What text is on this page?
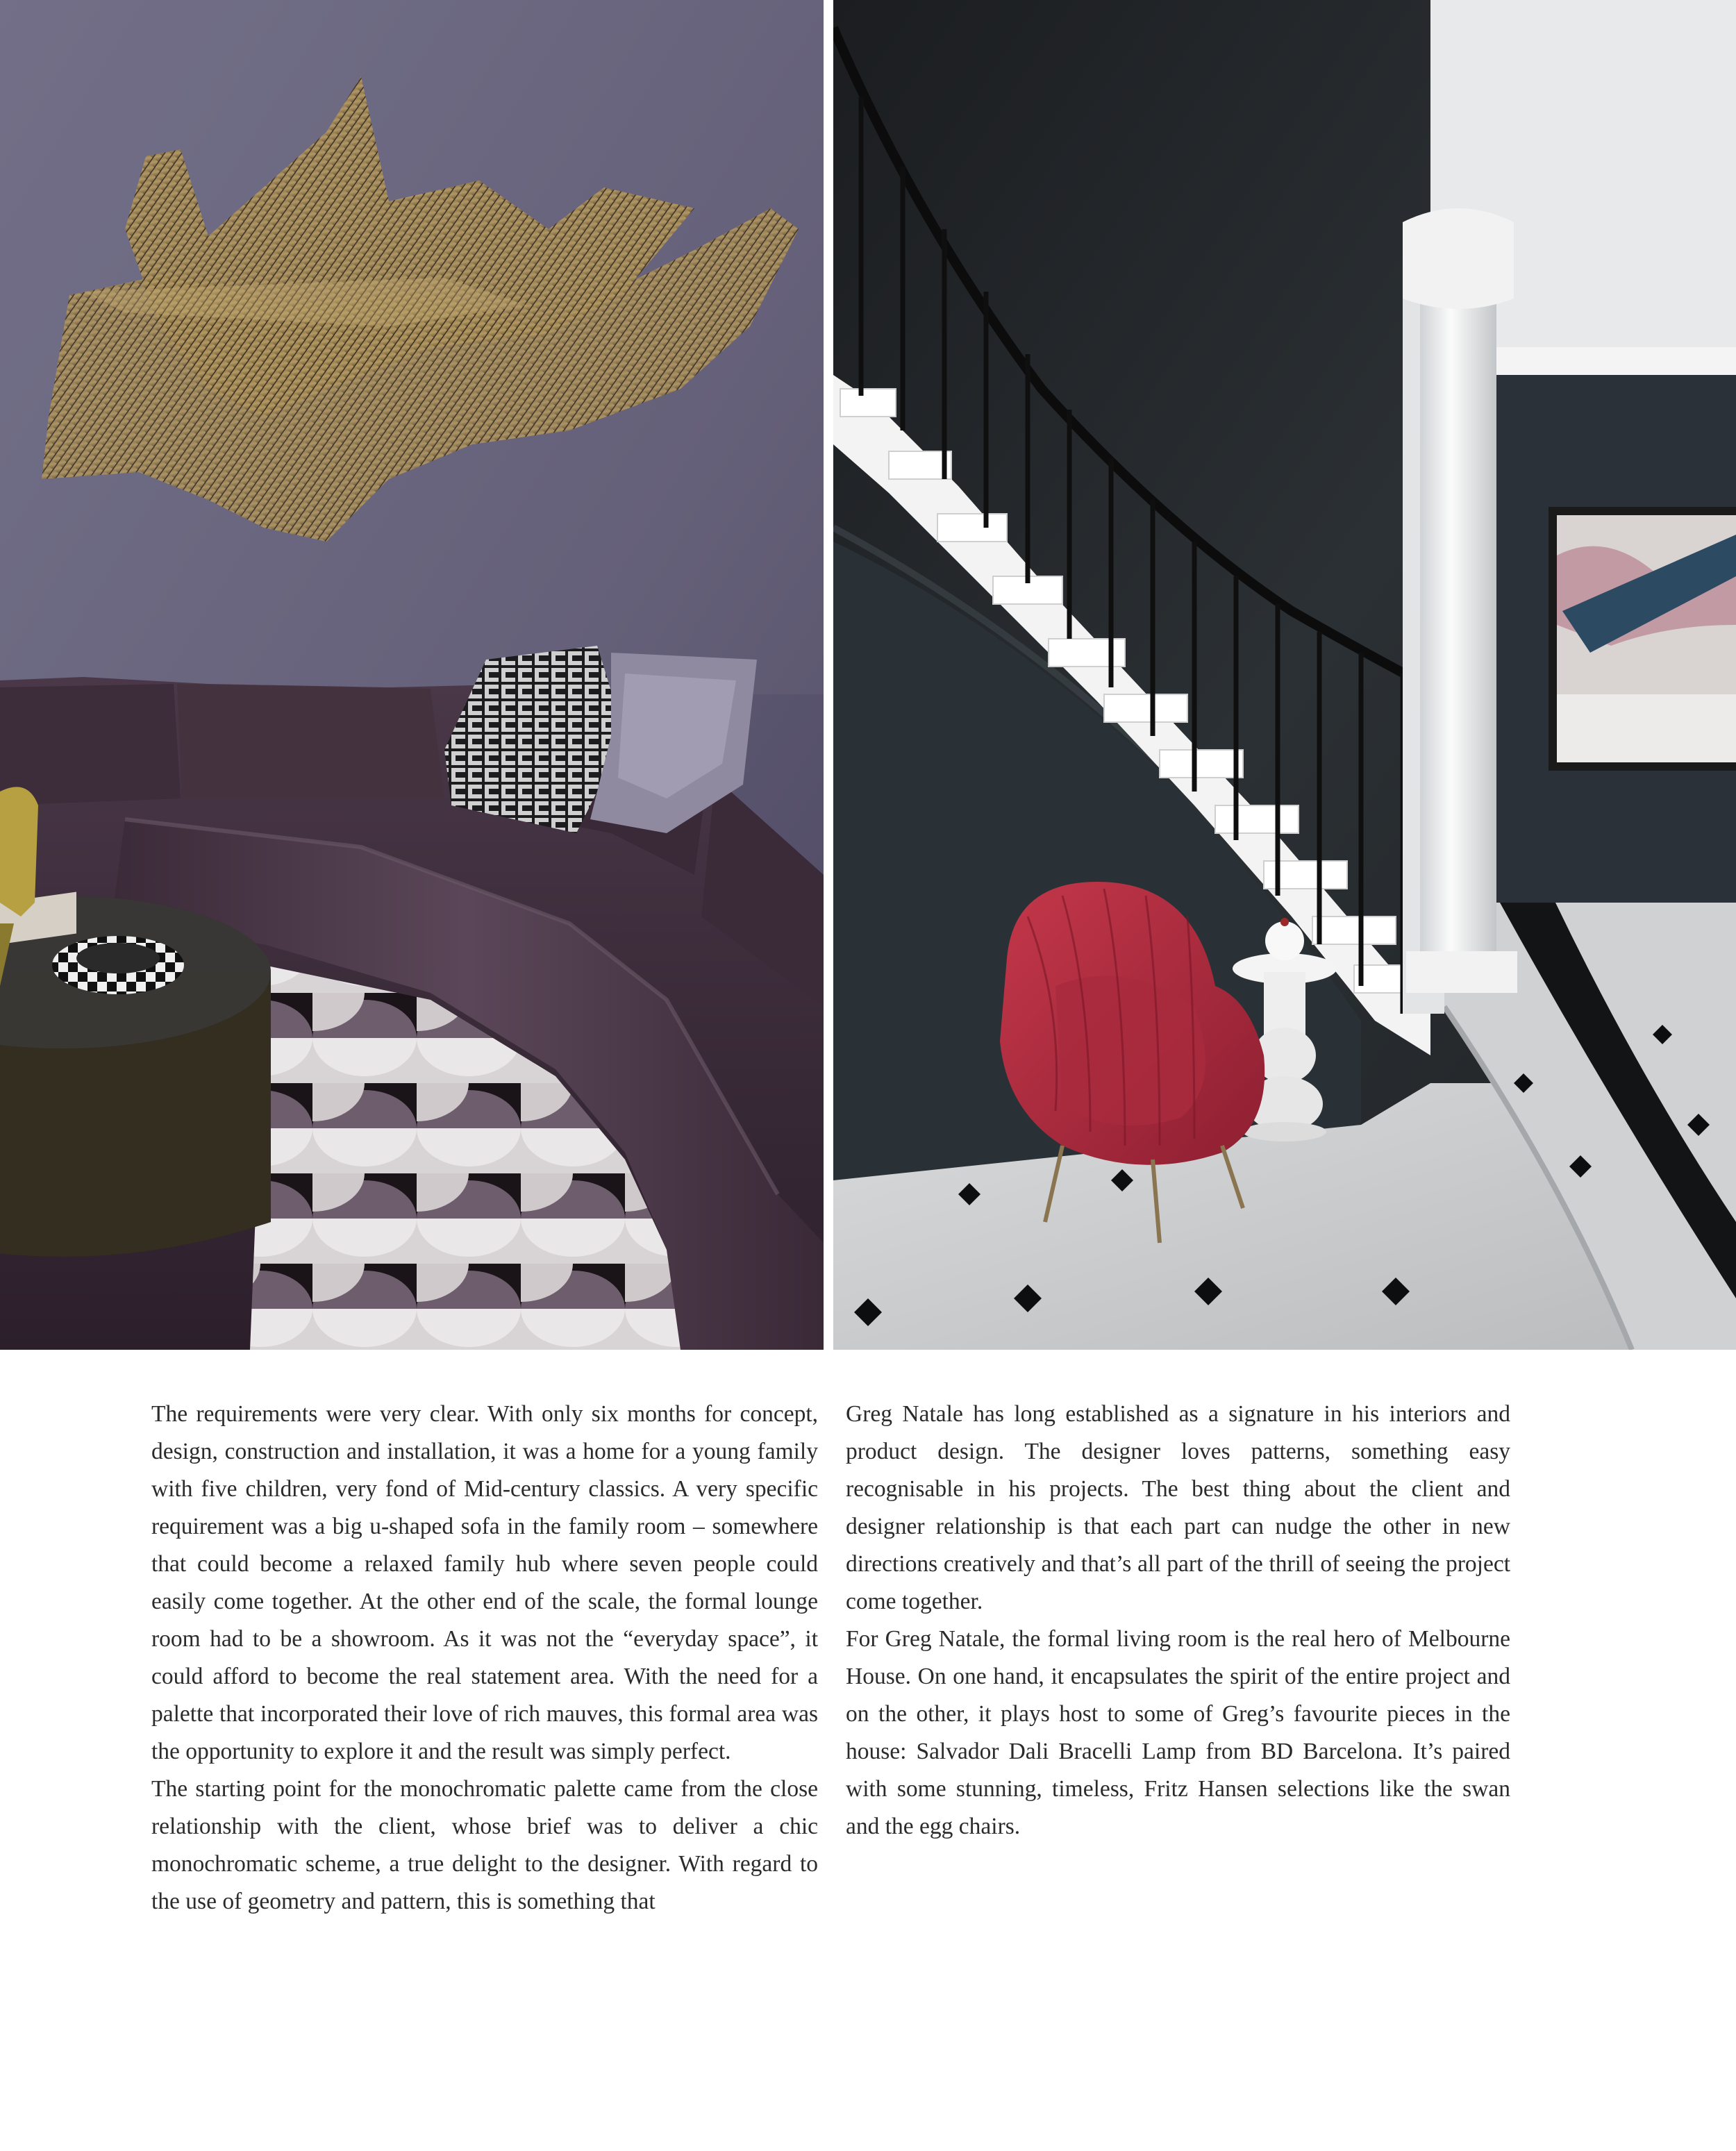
The requirements were very clear. With only six months for concept, design, construction and installation, it was a home for a young family with five children, very fond of Mid-century classics. A very specific requirement was a big u-shaped sofa in the family room – somewhere that could become a relaxed family hub where seven people could easily come together. At the other end of the scale, the formal lounge room had to be a showroom. As it was not the “everyday space”, it could afford to become the real statement area. With the need for a palette that incorporated their love of rich mauves, this formal area was the opportunity to explore it and the result was simply perfect.

The starting point for the monochromatic palette came from the close relationship with the client, whose brief was to deliver a chic monochromatic scheme, a true delight to the designer. With regard to the use of geometry and pattern, this is something that

Greg Natale has long established as a signature in his interiors and product design. The designer loves patterns, something easy recognisable in his projects. The best thing about the client and designer relationship is that each part can nudge the other in new directions creatively and that’s all part of the thrill of seeing the project come together.

For Greg Natale, the formal living room is the real hero of Melbourne House. On one hand, it encapsulates the spirit of the entire project and on the other, it plays host to some of Greg’s favourite pieces in the house: Salvador Dali Bracelli Lamp from BD Barcelona. It’s paired with some stunning, timeless, Fritz Hansen selections like the swan and the egg chairs.
